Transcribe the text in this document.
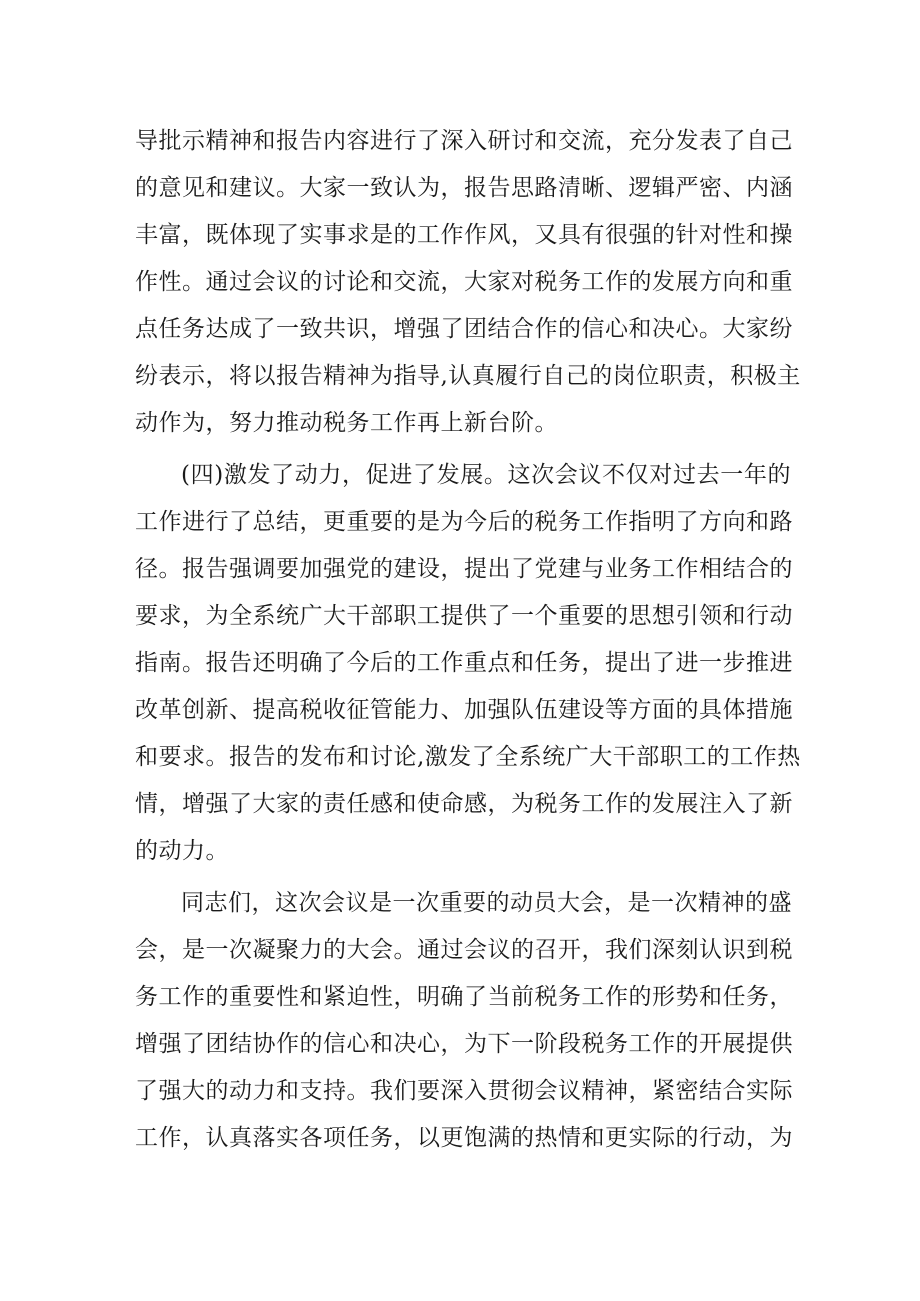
导批示精神和报告内容进行了深入研讨和交流，充分发表了自己
的意见和建议。大家一致认为，报告思路清晰、逻辑严密、内涵
丰富，既体现了实事求是的工作作风，又具有很强的针对性和操
作性。通过会议的讨论和交流，大家对税务工作的发展方向和重
点任务达成了一致共识，增强了团结合作的信心和决心。大家纷
纷表示，将以报告精神为指导,认真履行自己的岗位职责，积极主
动作为，努力推动税务工作再上新台阶。
(四)激发了动力，促进了发展。这次会议不仅对过去一年的
工作进行了总结，更重要的是为今后的税务工作指明了方向和路
径。报告强调要加强党的建设，提出了党建与业务工作相结合的
要求，为全系统广大干部职工提供了一个重要的思想引领和行动
指南。报告还明确了今后的工作重点和任务，提出了进一步推进
改革创新、提高税收征管能力、加强队伍建设等方面的具体措施
和要求。报告的发布和讨论,激发了全系统广大干部职工的工作热
情，增强了大家的责任感和使命感，为税务工作的发展注入了新
的动力。
同志们，这次会议是一次重要的动员大会，是一次精神的盛
会，是一次凝聚力的大会。通过会议的召开，我们深刻认识到税
务工作的重要性和紧迫性，明确了当前税务工作的形势和任务，
增强了团结协作的信心和决心，为下一阶段税务工作的开展提供
了强大的动力和支持。我们要深入贯彻会议精神，紧密结合实际
工作，认真落实各项任务，以更饱满的热情和更实际的行动，为
